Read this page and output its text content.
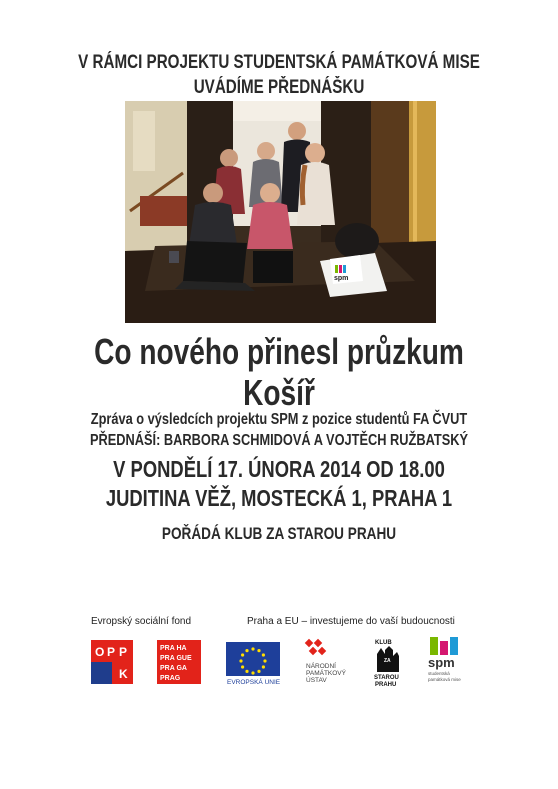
V RÁMCI PROJEKTU STUDENTSKÁ PAMÁTKOVÁ MISE
UVÁDÍME PŘEDNÁŠKU
spm
Co nového přinesl průzkum
Košíř
Zpráva o výsledcích projektu SPM z pozice studentů FA ČVUT
PŘEDNÁŠÍ: BARBORA SCHMIDOVÁ A VOJTĚCH RUŽBATSKÝ
V PONDĚLÍ 17. ÚNORA 2014 OD 18.00
JUDITINA VĚŽ, MOSTECKÁ 1, PRAHA 1
POŘÁDÁ KLUB ZA STAROU PRAHU
Evropský sociální fond	Praha a EU – investujeme do vaší budoucnosti
O P P
K
PRA HA
PRA GUE
PRA GA
PRAG
EVROPSKÁ UNIE
NÁRODNÍ
PAMÁTKOVÝ
ÚSTAV
KLUB
ZA
STAROU
PRAHU
spm
studentská
památková mise
